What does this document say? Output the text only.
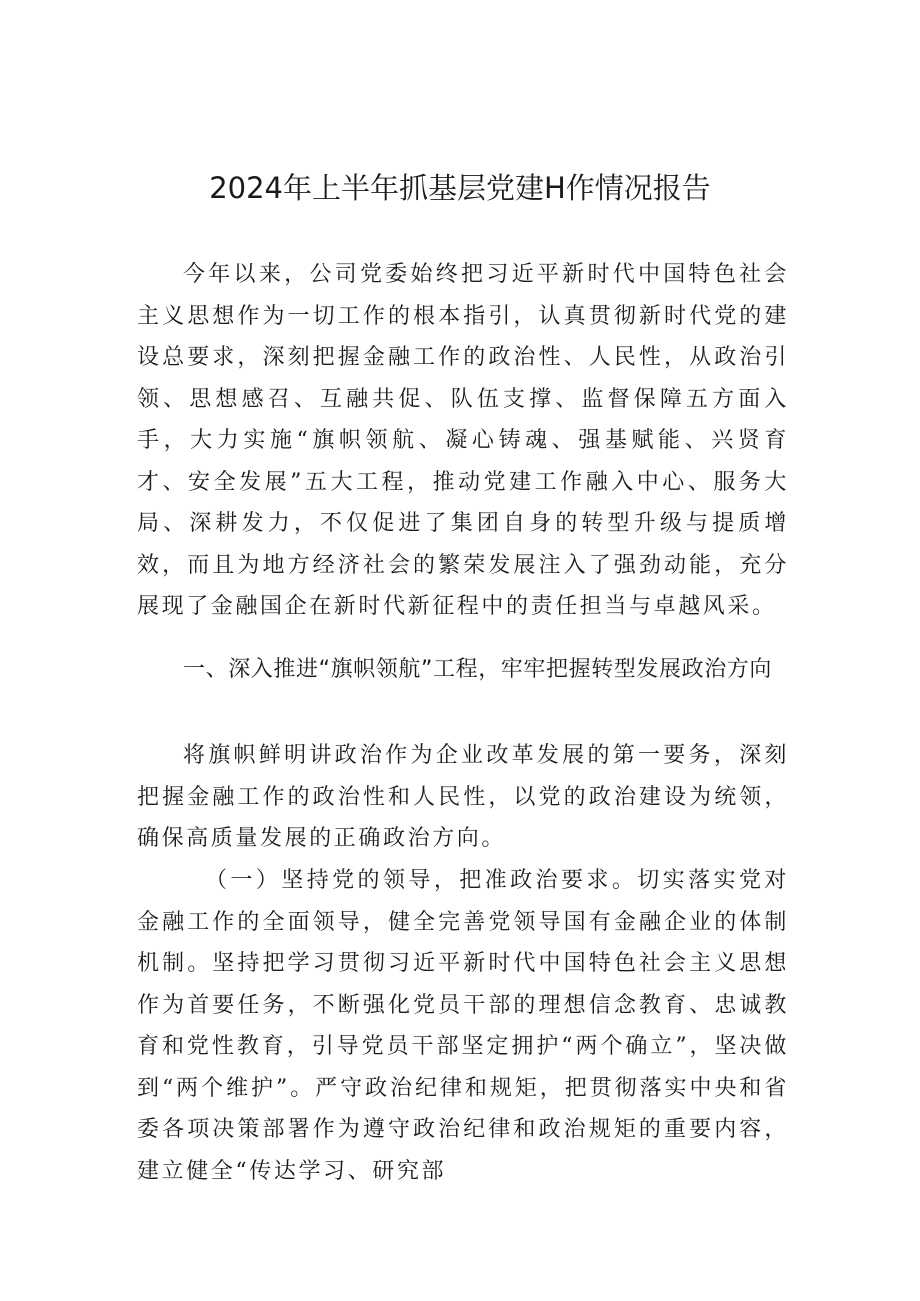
2024年上半年抓基层党建H作情况报告

今年以来，公司党委始终把习近平新时代中国特色社会主义思想作为一切工作的根本指引，认真贯彻新时代党的建设总要求，深刻把握金融工作的政治性、人民性，从政治引领、思想感召、互融共促、队伍支撑、监督保障五方面入手，大力实施“旗帜领航、凝心铸魂、强基赋能、兴贤育才、安全发展”五大工程，推动党建工作融入中心、服务大局、深耕发力，不仅促进了集团自身的转型升级与提质增效，而且为地方经济社会的繁荣发展注入了强劲动能，充分展现了金融国企在新时代新征程中的责任担当与卓越风采。

一、深入推进“旗帜领航”工程，牢牢把握转型发展政治方向

将旗帜鲜明讲政治作为企业改革发展的第一要务，深刻把握金融工作的政治性和人民性，以党的政治建设为统领，确保高质量发展的正确政治方向。

（一）坚持党的领导，把准政治要求。切实落实党对金融工作的全面领导，健全完善党领导国有金融企业的体制机制。坚持把学习贯彻习近平新时代中国特色社会主义思想作为首要任务，不断强化党员干部的理想信念教育、忠诚教育和党性教育，引导党员干部坚定拥护“两个确立”，坚决做到“两个维护”。严守政治纪律和规矩，把贯彻落实中央和省委各项决策部署作为遵守政治纪律和政治规矩的重要内容，建立健全“传达学习、研究部
